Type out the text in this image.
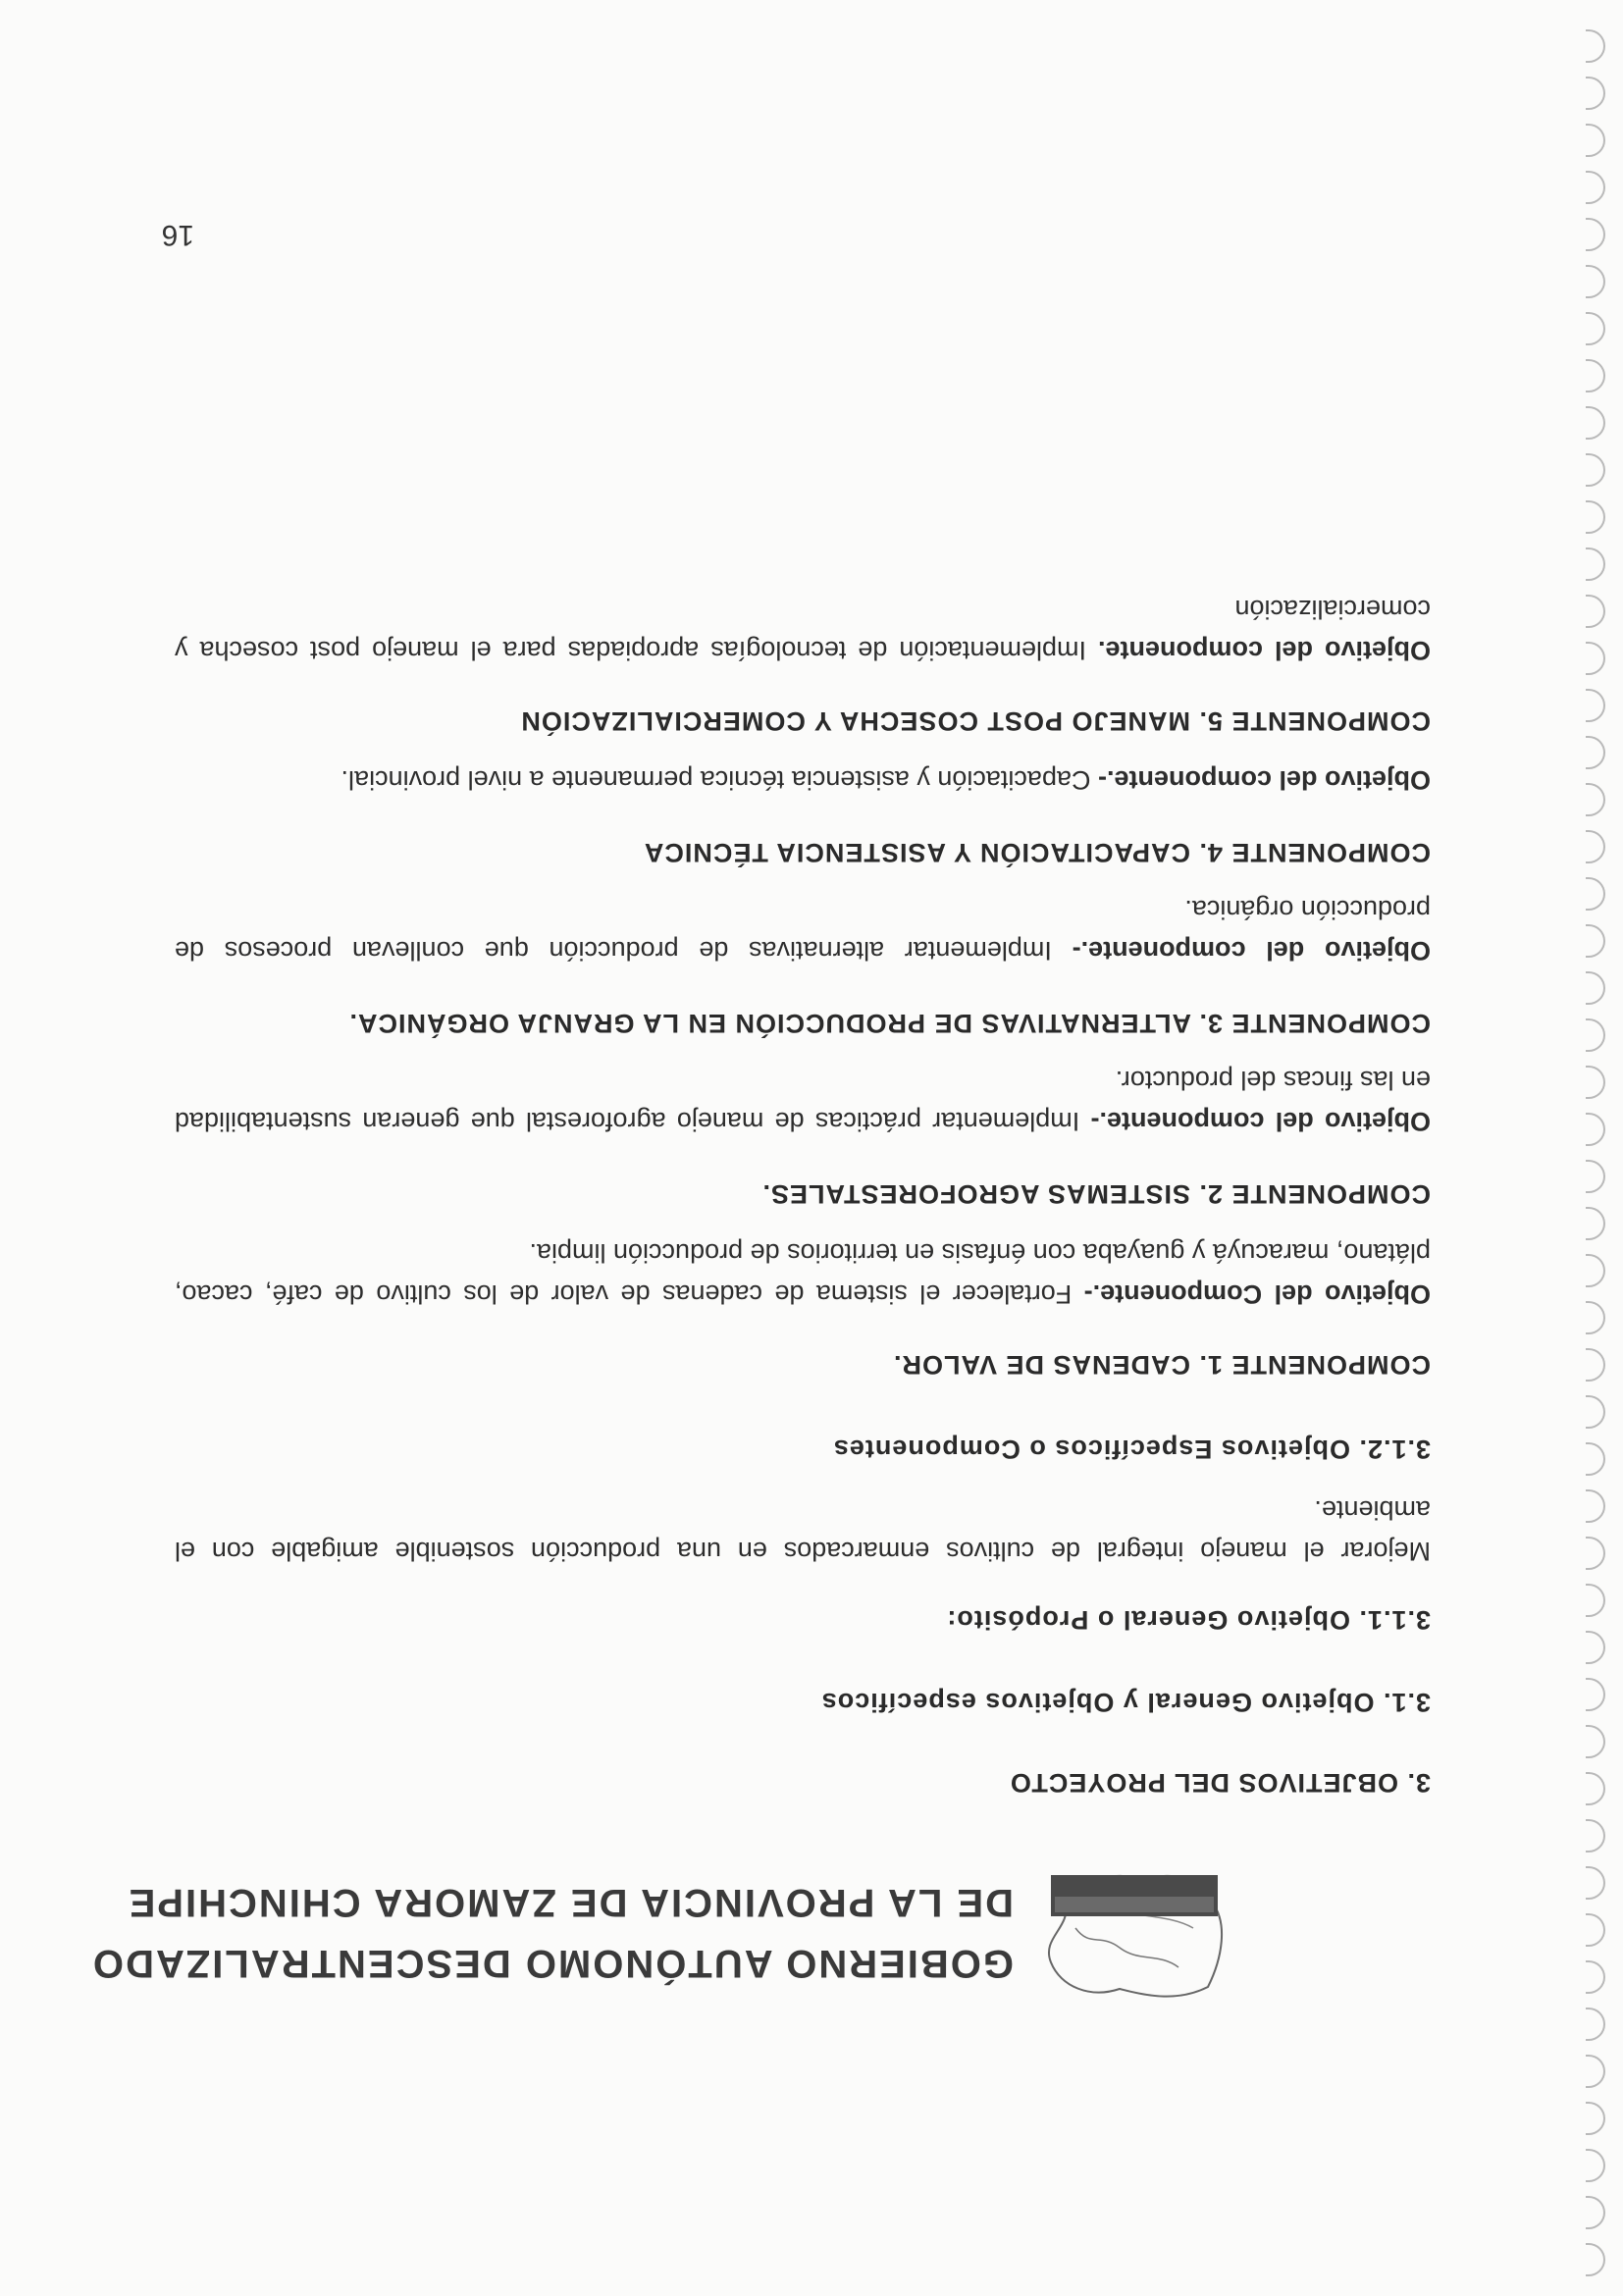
GOBIERNO AUTÓNOMO DESCENTRALIZADO
DE LA PROVINCIA DE ZAMORA CHINCHIPE

3. OBJETIVOS DEL PROYECTO

3.1. Objetivo General y Objetivos específicos

3.1.1. Objetivo General o Propósito:

Mejorar el manejo integral de cultivos enmarcados en una producción sostenible amigable con el ambiente.

3.1.2. Objetivos Específicos o Componentes

COMPONENTE 1. CADENAS DE VALOR.

Objetivo del Componente.- Fortalecer el sistema de cadenas de valor de los cultivo de café, cacao, plátano, maracuyá y guayaba con énfasis en territorios de producción limpia.

COMPONENTE 2. SISTEMAS AGROFORESTALES.

Objetivo del componente.- Implementar prácticas de manejo agroforestal que generan sustentabilidad en las fincas del productor.

COMPONENTE 3. ALTERNATIVAS DE PRODUCCIÓN EN LA GRANJA ORGÁNICA.

Objetivo del componente.- Implementar alternativas de producción que conllevan procesos de producción orgánica.

COMPONENTE 4. CAPACITACIÓN Y ASISTENCIA TÉCNICA

Objetivo del componente.- Capacitación y asistencia técnica permanente a nivel provincial.

COMPONENTE 5. MANEJO POST COSECHA Y COMERCIALIZACIÓN

Objetivo del componente. Implementación de tecnologías apropiadas para el manejo post cosecha y comercialización

16
